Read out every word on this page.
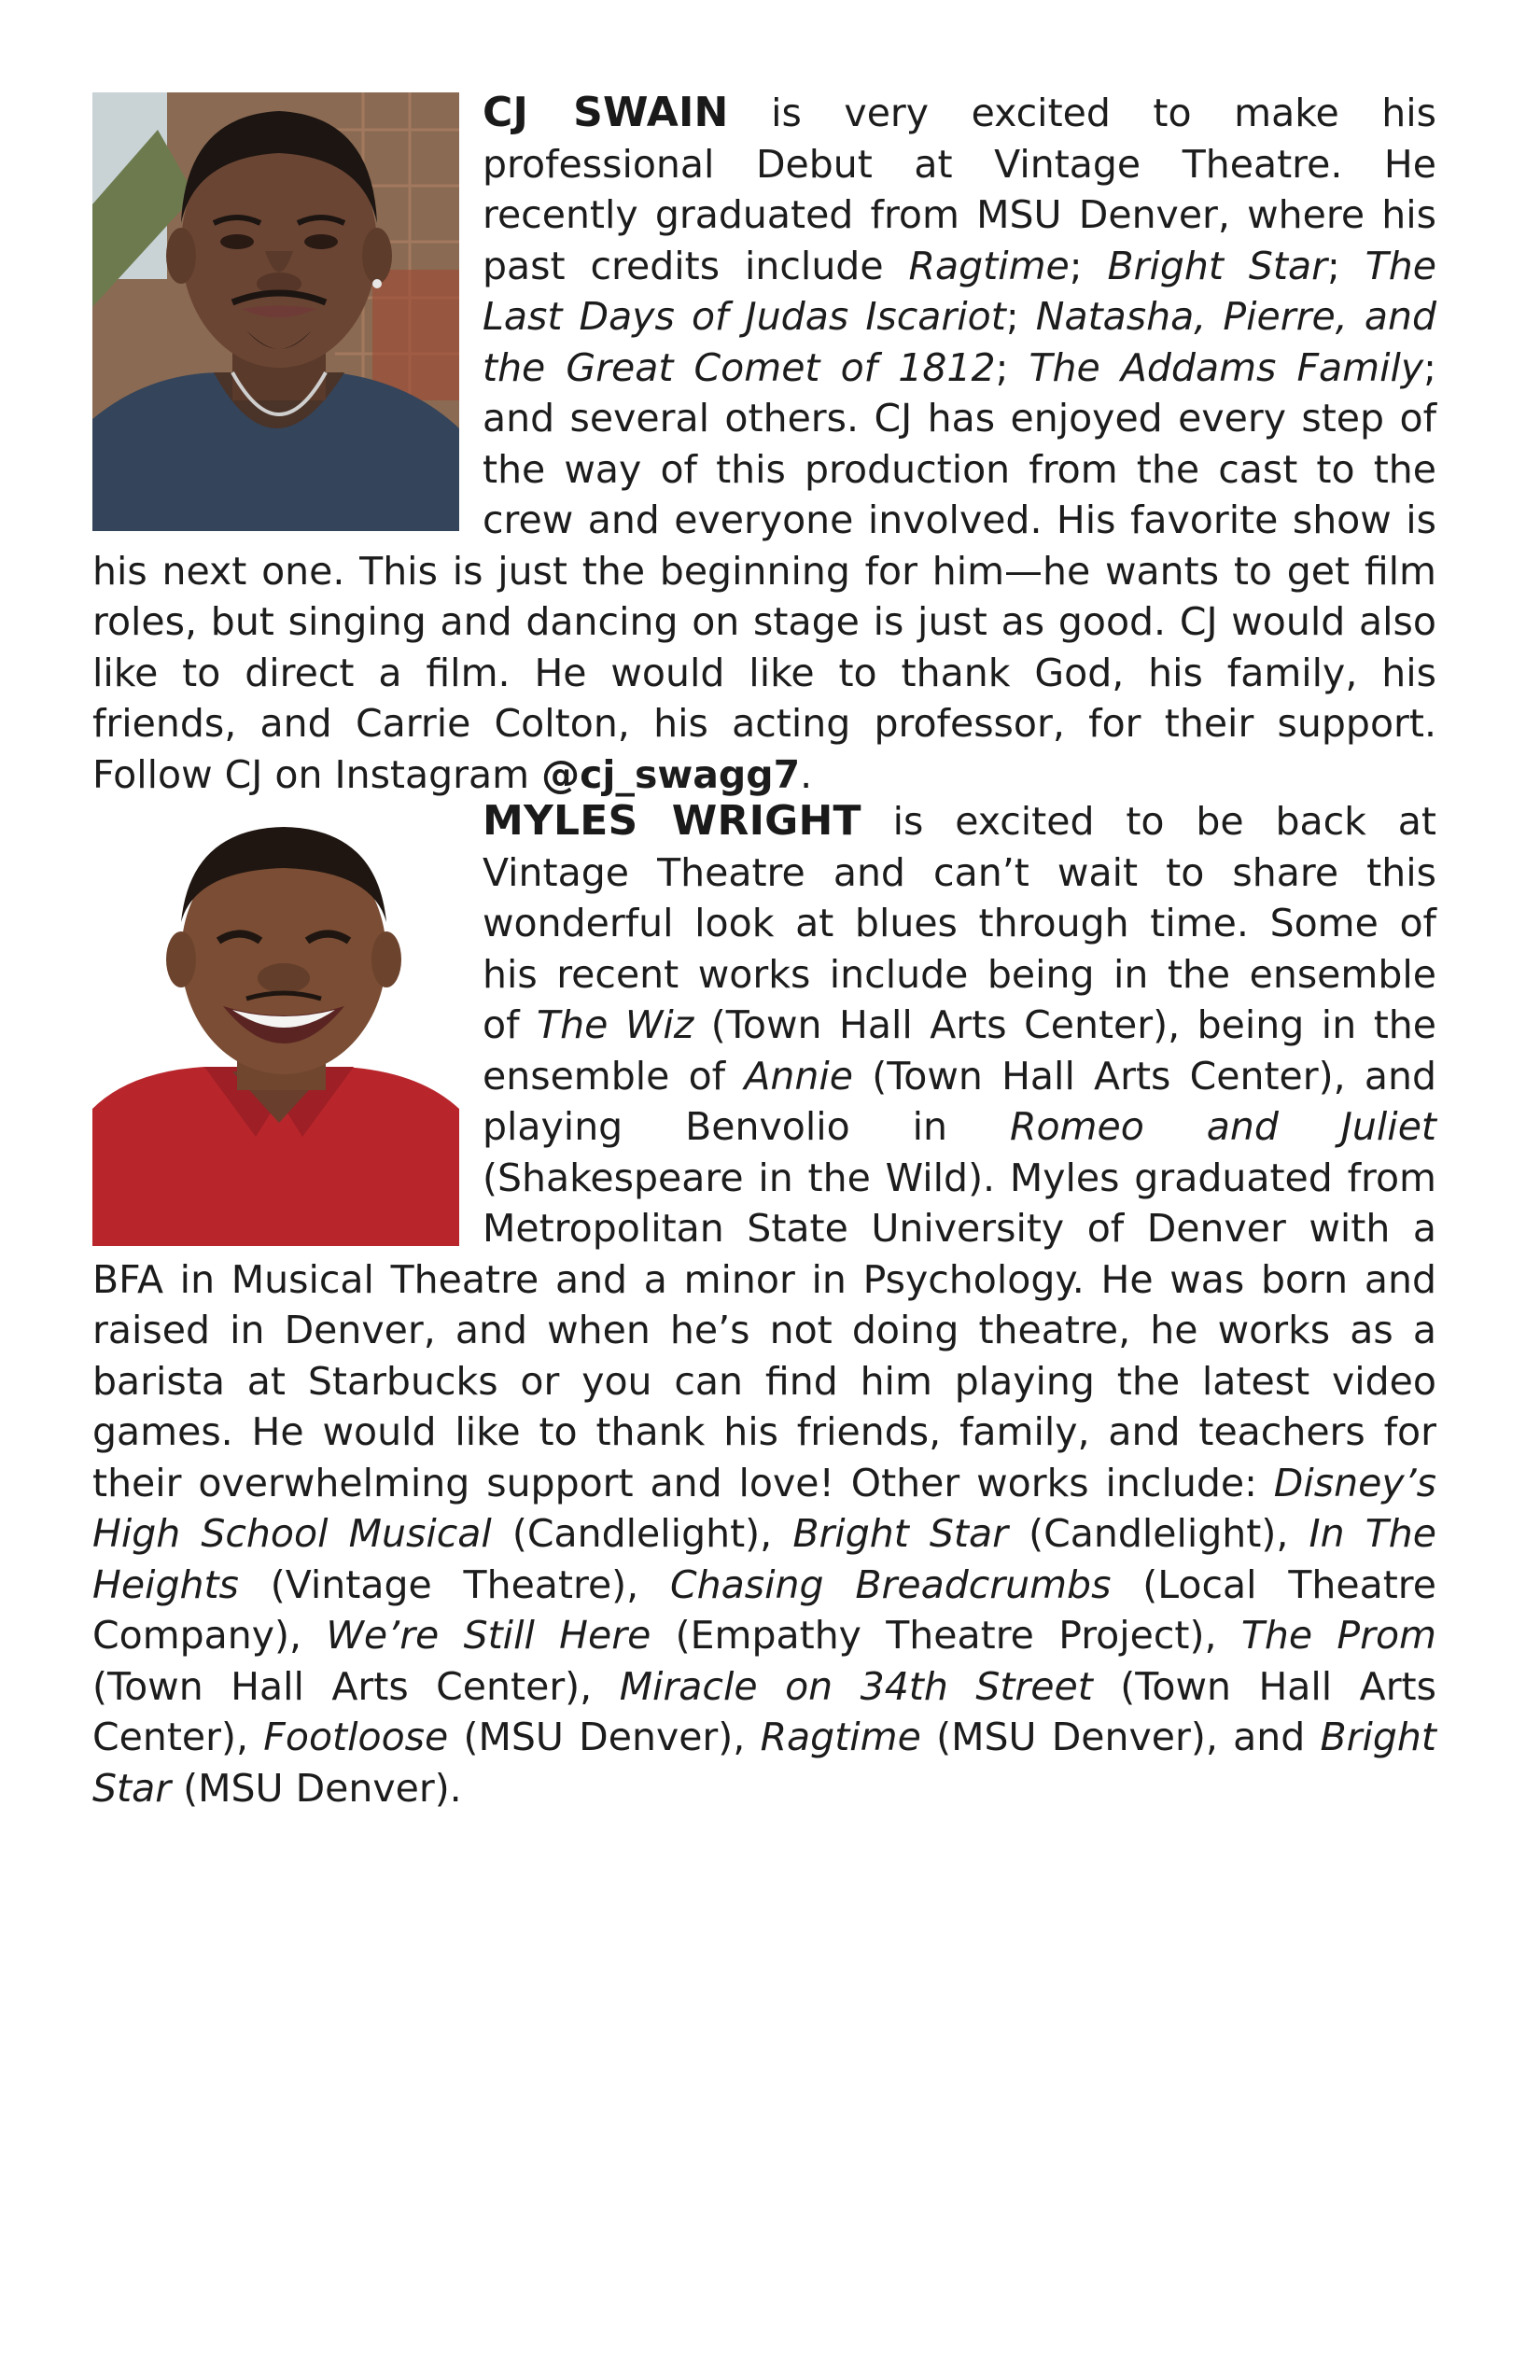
CJ SWAIN is very excited to make his professional Debut at Vintage Theatre. He recently graduated from MSU Denver, where his past credits include Ragtime; Bright Star; The Last Days of Judas Iscariot; Natasha, Pierre, and the Great Comet of 1812; The Addams Family; and several others. CJ has enjoyed every step of the way of this production from the cast to the crew and everyone involved. His favorite show is his next one. This is just the beginning for him—he wants to get film roles, but singing and dancing on stage is just as good. CJ would also like to direct a film. He would like to thank God, his family, his friends, and Carrie Colton, his acting professor, for their support. Follow CJ on Instagram @cj_swagg7.
MYLES WRIGHT is excited to be back at Vintage Theatre and can’t wait to share this wonderful look at blues through time. Some of his recent works include being in the ensemble of The Wiz (Town Hall Arts Center), being in the ensemble of Annie (Town Hall Arts Center), and playing Benvolio in Romeo and Juliet (Shakespeare in the Wild). Myles graduated from Metropolitan State University of Denver with a BFA in Musical Theatre and a minor in Psychology. He was born and raised in Denver, and when he’s not doing theatre, he works as a barista at Starbucks or you can find him playing the latest video games. He would like to thank his friends, family, and teachers for their overwhelming support and love! Other works include: Disney’s High School Musical (Candlelight), Bright Star (Candlelight), In The Heights (Vintage Theatre), Chasing Breadcrumbs (Local Theatre Company), We’re Still Here (Empathy Theatre Project), The Prom (Town Hall Arts Center), Miracle on 34th Street (Town Hall Arts Center), Footloose (MSU Denver), Ragtime (MSU Denver), and Bright Star (MSU Denver).
